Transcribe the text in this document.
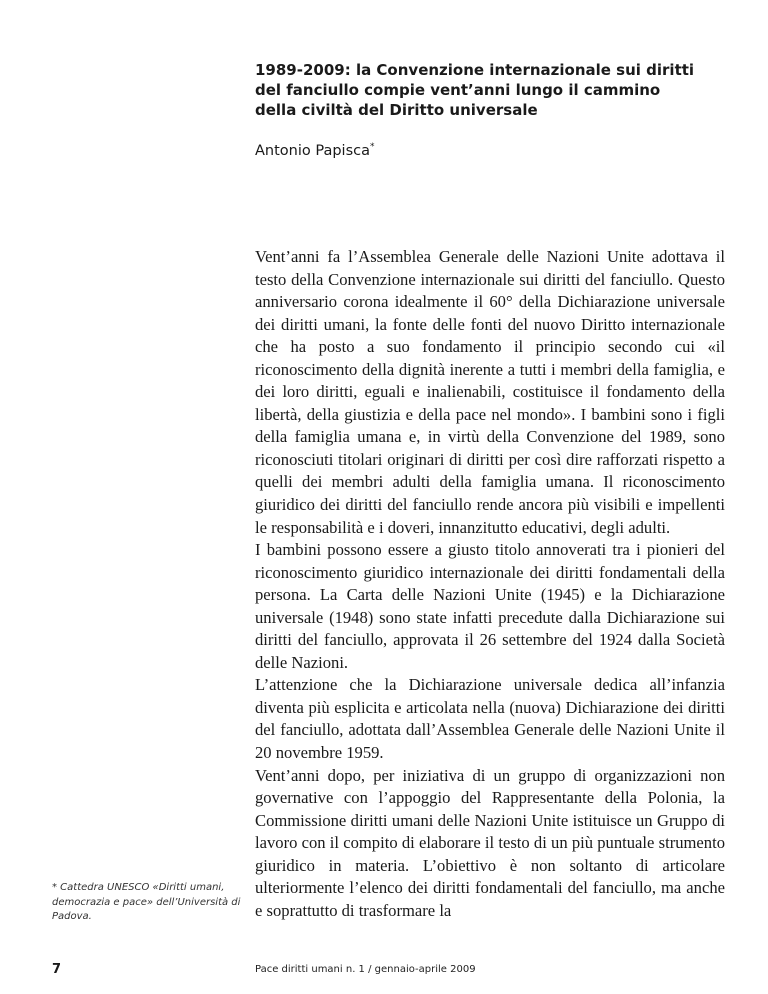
1989-2009: la Convenzione internazionale sui diritti
del fanciullo compie vent’anni lungo il cammino
della civiltà del Diritto universale
Antonio Papisca*

Vent’anni fa l’Assemblea Generale delle Nazioni Unite adottava il testo della Convenzione internazionale sui diritti del fanciullo. Questo anniversario corona idealmente il 60° della Dichiarazione universale dei diritti umani, la fonte delle fonti del nuovo Diritto internazionale che ha posto a suo fondamento il principio secondo cui «il riconoscimento della dignità inerente a tutti i membri della famiglia, e dei loro diritti, eguali e inalienabili, costituisce il fondamento della libertà, della giustizia e della pace nel mondo». I bambini sono i figli della famiglia umana e, in virtù della Convenzione del 1989, sono riconosciuti titolari originari di diritti per così dire rafforzati rispetto a quelli dei membri adulti della famiglia umana. Il riconoscimento giuridico dei diritti del fanciullo rende ancora più visibili e impellenti le responsabilità e i doveri, innanzitutto educativi, degli adulti.

I bambini possono essere a giusto titolo annoverati tra i pionieri del riconoscimento giuridico internazionale dei diritti fondamentali della persona. La Carta delle Nazioni Unite (1945) e la Dichiarazione universale (1948) sono state infatti precedute dalla Dichiarazione sui diritti del fanciullo, approvata il 26 settembre del 1924 dalla Società delle Nazioni.

L’attenzione che la Dichiarazione universale dedica all’infanzia diventa più esplicita e articolata nella (nuova) Dichiarazione dei diritti del fanciullo, adottata dall’Assemblea Generale delle Nazioni Unite il 20 novembre 1959.

Vent’anni dopo, per iniziativa di un gruppo di organizzazioni non governative con l’appoggio del Rappresentante della Polonia, la Commissione diritti umani delle Nazioni Unite istituisce un Gruppo di lavoro con il compito di elaborare il testo di un più puntuale strumento giuridico in materia. L’obiettivo è non soltanto di articolare ulteriormente l’elenco dei diritti fondamentali del fanciullo, ma anche e soprattutto di trasformare la

* Cattedra UNESCO «Diritti umani, democrazia e pace» dell’Università di Padova.
7	Pace diritti umani n. 1 / gennaio-aprile 2009
